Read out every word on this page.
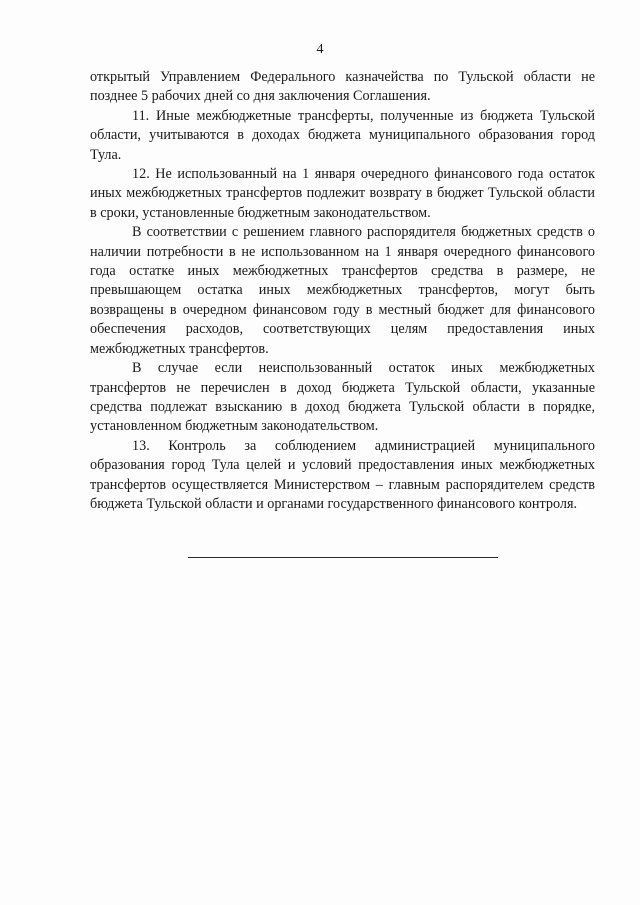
4

открытый Управлением Федерального казначейства по Тульской области не позднее 5 рабочих дней со дня заключения Соглашения.

11. Иные межбюджетные трансферты, полученные из бюджета Тульской области, учитываются в доходах бюджета муниципального образования город Тула.

12. Не использованный на 1 января очередного финансового года остаток иных межбюджетных трансфертов подлежит возврату в бюджет Тульской области в сроки, установленные бюджетным законодательством.

В соответствии с решением главного распорядителя бюджетных средств о наличии потребности в не использованном на 1 января очередного финансового года остатке иных межбюджетных трансфертов средства в размере, не превышающем остатка иных межбюджетных трансфертов, могут быть возвращены в очередном финансовом году в местный бюджет для финансового обеспечения расходов, соответствующих целям предоставления иных межбюджетных трансфертов.

В случае если неиспользованный остаток иных межбюджетных трансфертов не перечислен в доход бюджета Тульской области, указанные средства подлежат взысканию в доход бюджета Тульской области в порядке, установленном бюджетным законодательством.

13. Контроль за соблюдением администрацией муниципального образования город Тула целей и условий предоставления иных межбюджетных трансфертов осуществляется Министерством – главным распорядителем средств бюджета Тульской области и органами государственного финансового контроля.
